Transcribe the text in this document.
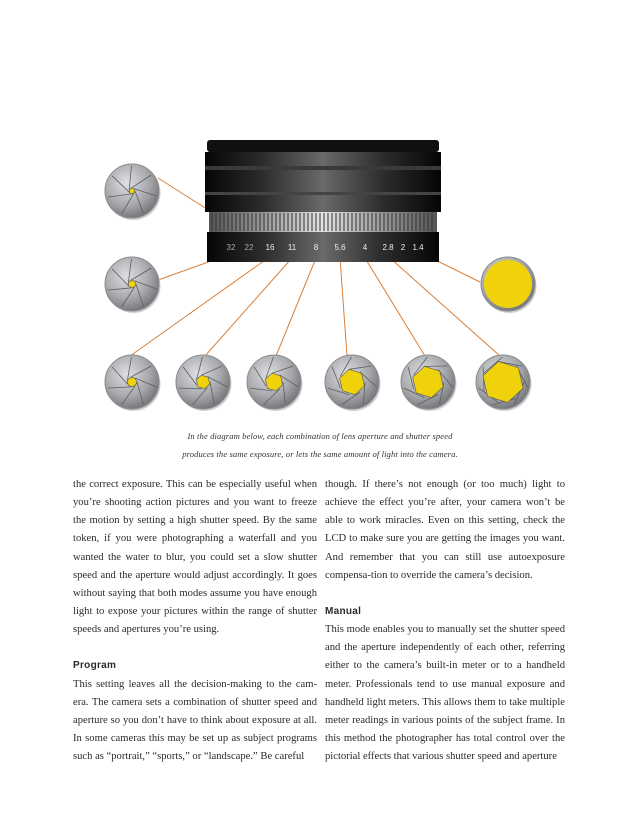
32 22 16 11 8 5.6 4 2.8 2 1.4
In the diagram below, each combination of lens aperture and shutter speed
produces the same exposure, or lets the same amount of light into the camera.

the correct exposure. This can be especially useful when you’re shooting action pictures and you want to freeze the motion by setting a high shutter speed. By the same token, if you were photographing a waterfall and you wanted the water to blur, you could set a slow shutter speed and the aperture would adjust accordingly. It goes without saying that both modes assume you have enough light to expose your pictures within the range of shutter speeds and apertures you’re using.

Program

This setting leaves all the decision-making to the cam-era. The camera sets a combination of shutter speed and aperture so you don’t have to think about exposure at all. In some cameras this may be set up as subject programs such as “portrait,” “sports,” or “landscape.” Be careful

though. If there’s not enough (or too much) light to achieve the effect you’re after, your camera won’t be able to work miracles. Even on this setting, check the LCD to make sure you are getting the images you want. And remember that you can still use autoexposure compensa-tion to override the camera’s decision.

Manual

This mode enables you to manually set the shutter speed and the aperture independently of each other, referring either to the camera’s built-in meter or to a handheld meter. Professionals tend to use manual exposure and handheld light meters. This allows them to take multiple meter readings in various points of the subject frame. In this method the photographer has total control over the pictorial effects that various shutter speed and aperture
